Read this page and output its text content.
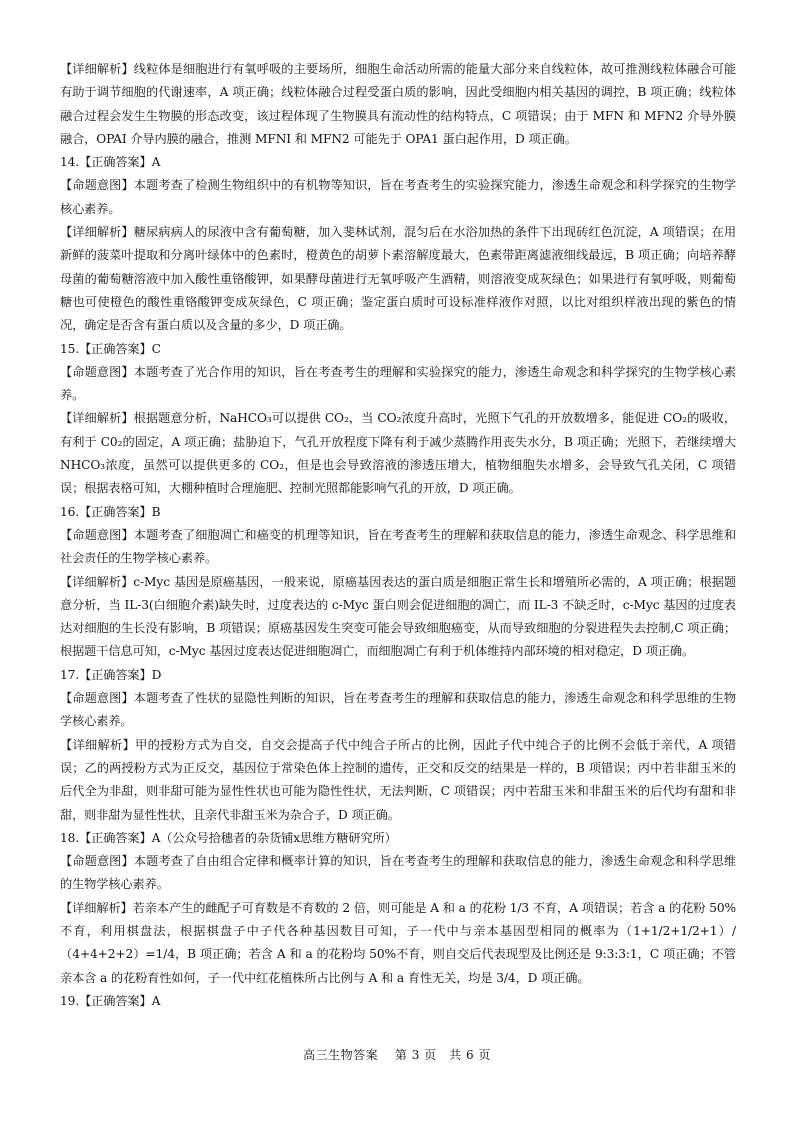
【详细解析】线粒体是细胞进行有氧呼吸的主要场所，细胞生命活动所需的能量大部分来自线粒体，故可推测线粒体融合可能有助于调节细胞的代谢速率，A 项正确；线粒体融合过程受蛋白质的影响，因此受细胞内相关基因的调控，B 项正确；线粒体融合过程会发生生物膜的形态改变，该过程体现了生物膜具有流动性的结构特点，C 项错误；由于 MFN 和 MFN2 介导外膜融合，OPAI 介导内膜的融合，推测 MFNI 和 MFN2 可能先于 OPA1 蛋白起作用，D 项正确。

14.【正确答案】A

【命题意图】本题考查了检测生物组织中的有机物等知识，旨在考查考生的实验探究能力，渗透生命观念和科学探究的生物学核心素养。

【详细解析】糖尿病病人的尿液中含有葡萄糖，加入斐林试剂，混匀后在水浴加热的条件下出现砖红色沉淀，A 项错误；在用新鲜的菠菜叶提取和分离叶绿体中的色素时，橙黄色的胡萝卜素溶解度最大，色素带距离滤液细线最远，B 项正确；向培养酵母菌的葡萄糖溶液中加入酸性重铬酸钾，如果酵母菌进行无氧呼吸产生酒精，则溶液变成灰绿色；如果进行有氧呼吸，则葡萄糖也可使橙色的酸性重铬酸钾变成灰绿色，C 项正确；鉴定蛋白质时可设标准样液作对照，以比对组织样液出现的紫色的情况，确定是否含有蛋白质以及含量的多少，D 项正确。

15.【正确答案】C

【命题意图】本题考查了光合作用的知识，旨在考查考生的理解和实验探究的能力，渗透生命观念和科学探究的生物学核心素养。

【详细解析】根据题意分析，NaHCO₃可以提供 CO₂，当 CO₂浓度升高时，光照下气孔的开放数增多，能促进 CO₂的吸收，有利于 C0₂的固定，A 项正确；盐胁迫下，气孔开放程度下降有利于减少蒸腾作用丧失水分，B 项正确；光照下，若继续增大 NHCO₃浓度，虽然可以提供更多的 CO₂，但是也会导致溶液的渗透压增大，植物细胞失水增多，会导致气孔关闭，C 项错误；根据表格可知，大棚种植时合理施肥、控制光照都能影响气孔的开放，D 项正确。

16.【正确答案】B

【命题意图】本题考查了细胞凋亡和癌变的机理等知识，旨在考查考生的理解和获取信息的能力，渗透生命观念、科学思维和社会责任的生物学核心素养。

【详细解析】c-Myc 基因是原癌基因，一般来说，原癌基因表达的蛋白质是细胞正常生长和增殖所必需的，A 项正确；根据题意分析，当 IL-3(白细胞介素)缺失时，过度表达的 c-Myc 蛋白则会促进细胞的凋亡，而 IL-3 不缺乏时，c-Myc 基因的过度表达对细胞的生长没有影响，B 项错误；原癌基因发生突变可能会导致细胞癌变，从而导致细胞的分裂进程失去控制,C 项正确；根据题干信息可知，c-Myc 基因过度表达促进细胞凋亡，而细胞凋亡有利于机体维持内部环境的相对稳定，D 项正确。

17.【正确答案】D

【命题意图】本题考查了性状的显隐性判断的知识，旨在考查考生的理解和获取信息的能力，渗透生命观念和科学思维的生物学核心素养。

【详细解析】甲的授粉方式为自交，自交会提高子代中纯合子所占的比例，因此子代中纯合子的比例不会低于亲代，A 项错误；乙的两授粉方式为正反交，基因位于常染色体上控制的遗传，正交和反交的结果是一样的，B 项错误；丙中若非甜玉米的后代全为非甜，则非甜可能为显性性状也可能为隐性性状，无法判断，C 项错误；丙中若甜玉米和非甜玉米的后代均有甜和非甜，则非甜为显性性状，且亲代非甜玉米为杂合子，D 项正确。

18.【正确答案】A（公众号拾穗者的杂货铺x思维方糖研究所）

【命题意图】本题考查了自由组合定律和概率计算的知识，旨在考查考生的理解和获取信息的能力，渗透生命观念和科学思维的生物学核心素养。

【详细解析】若亲本产生的雌配子可育数是不育数的 2 倍，则可能是 A 和 a 的花粉 1/3 不育，A 项错误；若含 a 的花粉 50%不育，利用棋盘法，根据棋盘子中子代各种基因数目可知，子一代中与亲本基因型相同的概率为（1+1/2+1/2+1）/（4+4+2+2）=1/4，B 项正确；若含 A 和 a 的花粉均 50%不育，则自交后代表现型及比例还是 9:3:3:1，C 项正确；不管亲本含 a 的花粉育性如何，子一代中红花植株所占比例与 A 和 a 育性无关，均是 3/4，D 项正确。

19.【正确答案】A

高三生物答案　 第 3 页　共 6 页
